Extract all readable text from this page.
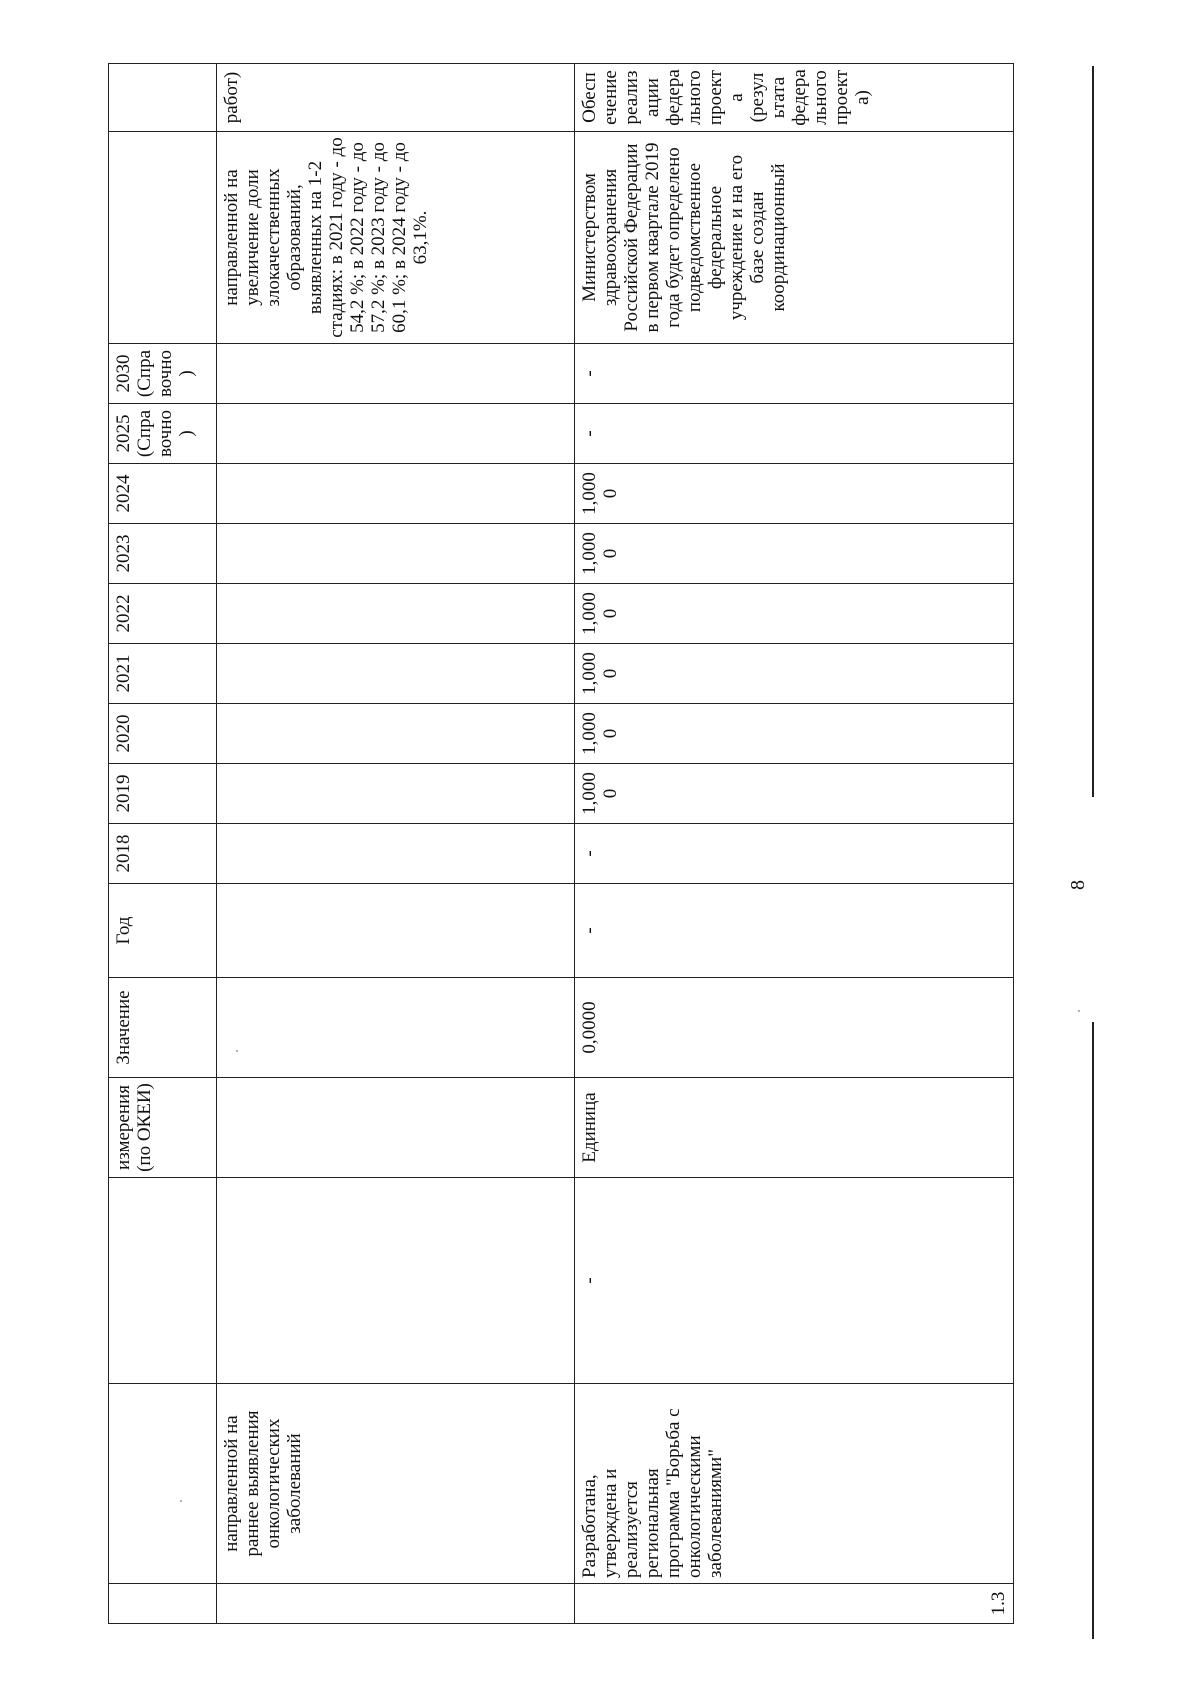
			измерения (по ОКЕИ)	Значение	Год	2018	2019	2020	2021	2022	2023	2024	2025 (Справочно)	2030 (Справочно)		
	направленной на раннее выявления онкологических заболеваний														направленной на увеличение доли злокачественных образований, выявленных на 1-2 стадиях: в 2021 году - до 54,2 %; в 2022 году - до 57,2 %; в 2023 году - до 60,1 %; в 2024 году - до 63,1%.	работ)
1.3	Разработана, утверждена и реализуется региональная программа "Борьба с онкологическими заболеваниями"	-	Единица	0,0000	-	-	1,0000	1,0000	1,0000	1,0000	1,0000	1,0000	-	-	Министерством здравоохранения Российской Федерации в первом квартале 2019 года будет определено подведомственное федеральное учреждение и на его базе создан координационный	Обеспечение реализации федерального проекта (результата федерального проекта)
8
